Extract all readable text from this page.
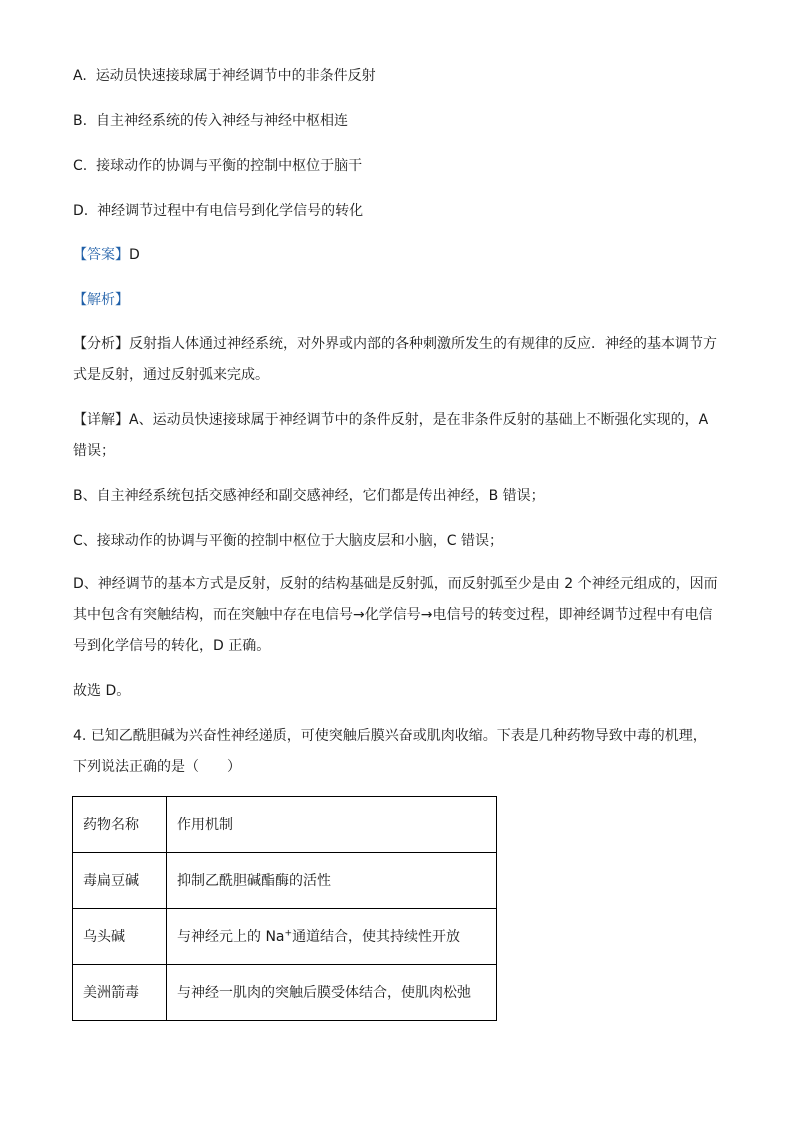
A. 运动员快速接球属于神经调节中的非条件反射
B. 自主神经系统的传入神经与神经中枢相连
C. 接球动作的协调与平衡的控制中枢位于脑干
D. 神经调节过程中有电信号到化学信号的转化
【答案】D
【解析】
【分析】反射指人体通过神经系统，对外界或内部的各种刺激所发生的有规律的反应．神经的基本调节方式是反射，通过反射弧来完成。
【详解】A、运动员快速接球属于神经调节中的条件反射，是在非条件反射的基础上不断强化实现的，A错误；
B、自主神经系统包括交感神经和副交感神经，它们都是传出神经，B 错误；
C、接球动作的协调与平衡的控制中枢位于大脑皮层和小脑，C 错误；
D、神经调节的基本方式是反射，反射的结构基础是反射弧，而反射弧至少是由 2 个神经元组成的，因而其中包含有突触结构，而在突触中存在电信号→化学信号→电信号的转变过程，即神经调节过程中有电信号到化学信号的转化，D 正确。
故选 D。
4. 已知乙酰胆碱为兴奋性神经递质，可使突触后膜兴奋或肌肉收缩。下表是几种药物导致中毒的机理，下列说法正确的是（　　）
药物名称	作用机制
毒扁豆碱	抑制乙酰胆碱酯酶的活性
乌头碱	与神经元上的 Na+通道结合，使其持续性开放
美洲箭毒	与神经一肌肉的突触后膜受体结合，使肌肉松弛
